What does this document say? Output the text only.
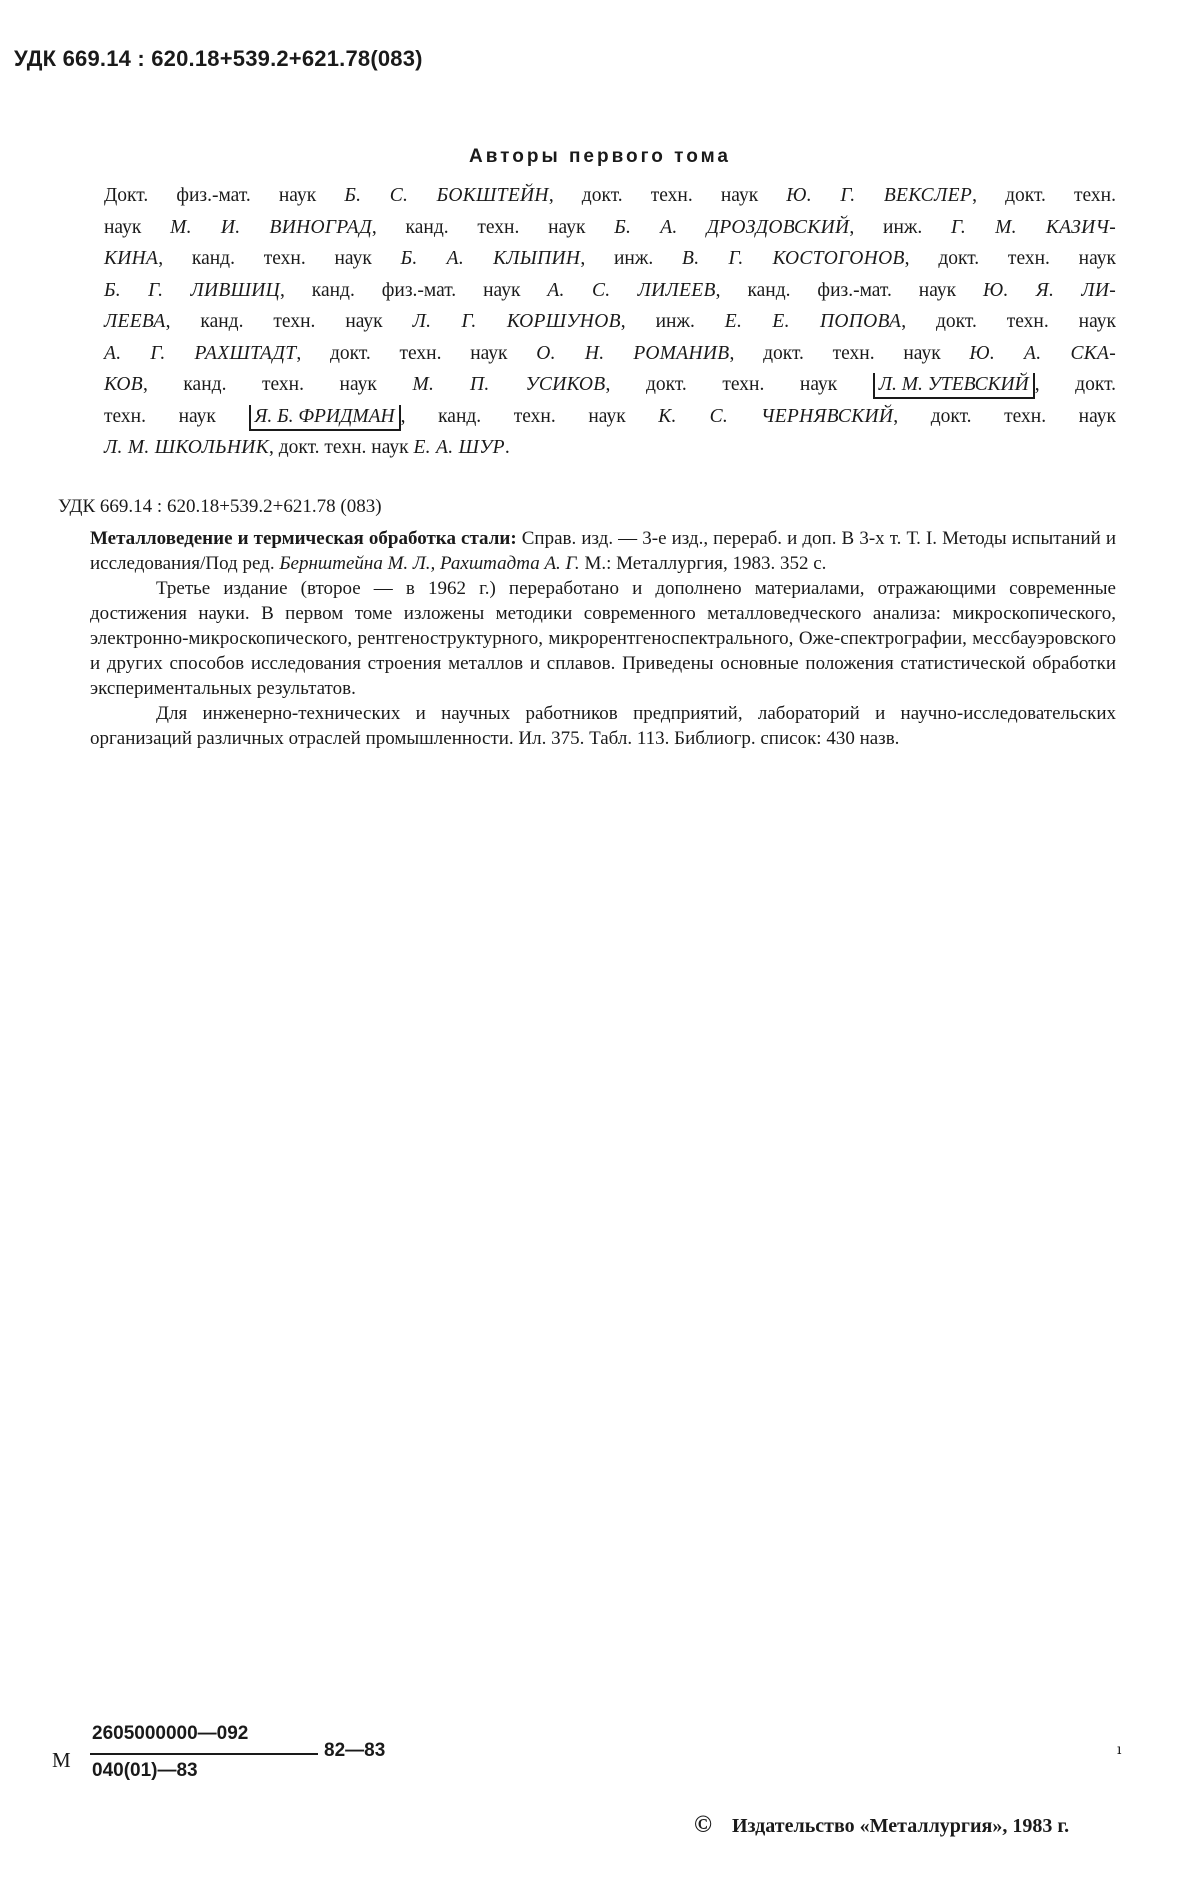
УДК 669.14 : 620.18+539.2+621.78(083)
Авторы первого тома
Докт. физ.-мат. наук Б. С. БОКШТЕЙН, докт. техн. наук Ю. Г. ВЕКСЛЕР, докт. техн.
наук М. И. ВИНОГРАД, канд. техн. наук Б. А. ДРОЗДОВСКИЙ, инж. Г. М. КАЗИЧ-
КИНА, канд. техн. наук Б. А. КЛЫПИН, инж. В. Г. КОСТОГОНОВ, докт. техн. наук
Б. Г. ЛИВШИЦ, канд. физ.-мат. наук А. С. ЛИЛЕЕВ, канд. физ.-мат. наук Ю. Я. ЛИ-
ЛЕЕВА, канд. техн. наук Л. Г. КОРШУНОВ, инж. Е. Е. ПОПОВА, докт. техн. наук
А. Г. РАХШТАДТ, докт. техн. наук О. Н. РОМАНИВ, докт. техн. наук Ю. А. СКА-
КОВ, канд. техн. наук М. П. УСИКОВ, докт. техн. наук Л. М. УТЕВСКИЙ , докт.
техн. наук Я. Б. ФРИДМАН , канд. техн. наук К. С. ЧЕРНЯВСКИЙ, докт. техн. наук
Л. М. ШКОЛЬНИК, докт. техн. наук Е. А. ШУР.
УДК 669.14 : 620.18+539.2+621.78 (083)

Металловедение и термическая обработка стали: Справ. изд. — 3-е изд., перераб. и доп. В 3-х т. Т. I. Методы испытаний и исследования/Под ред. Бернштейна М. Л., Рахштадта А. Г. М.: Металлургия, 1983. 352 с.

Третье издание (второе — в 1962 г.) переработано и дополнено материалами, отражающими современные достижения науки. В первом томе изложены методики современного металловедческого анализа: микроскопического, электронно-микроскопического, рентгеноструктурного, микрорентгеноспектрального, Оже-спектрографии, мессбауэровского и других способов исследования строения металлов и сплавов. Приведены основные положения статистической обработки экспериментальных результатов.

Для инженерно-технических и научных работников предприятий, лабораторий и научно-исследовательских организаций различных отраслей промышленности. Ил. 375. Табл. 113. Библиогр. список: 430 назв.

М
2605000000—092
040(01)—83
82—83	ı
© Издательство «Металлургия», 1983 г.
